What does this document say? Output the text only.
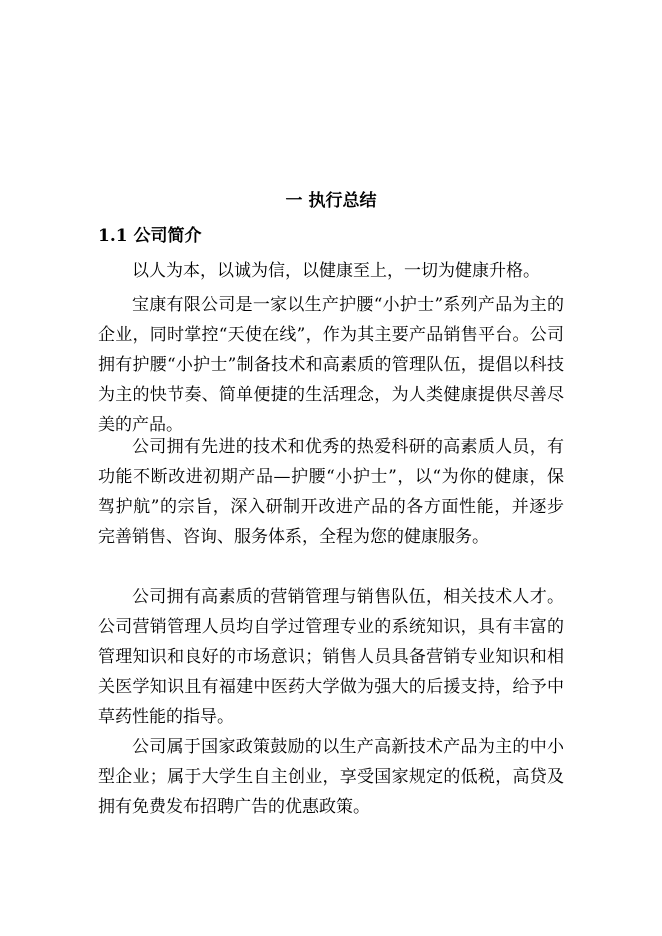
一 执行总结
1.1 公司简介

以人为本，以诚为信，以健康至上，一切为健康升格。

宝康有限公司是一家以生产护腰“小护士”系列产品为主的企业，同时掌控“天使在线”，作为其主要产品销售平台。公司拥有护腰“小护士”制备技术和高素质的管理队伍，提倡以科技为主的快节奏、简单便捷的生活理念，为人类健康提供尽善尽美的产品。

公司拥有先进的技术和优秀的热爱科研的高素质人员，有功能不断改进初期产品—护腰“小护士”，以“为你的健康，保驾护航”的宗旨，深入研制开改进产品的各方面性能，并逐步完善销售、咨询、服务体系，全程为您的健康服务。

公司拥有高素质的营销管理与销售队伍，相关技术人才。公司营销管理人员均自学过管理专业的系统知识，具有丰富的管理知识和良好的市场意识；销售人员具备营销专业知识和相关医学知识且有福建中医药大学做为强大的后援支持，给予中草药性能的指导。

公司属于国家政策鼓励的以生产高新技术产品为主的中小型企业；属于大学生自主创业，享受国家规定的低税，高贷及拥有免费发布招聘广告的优惠政策。
